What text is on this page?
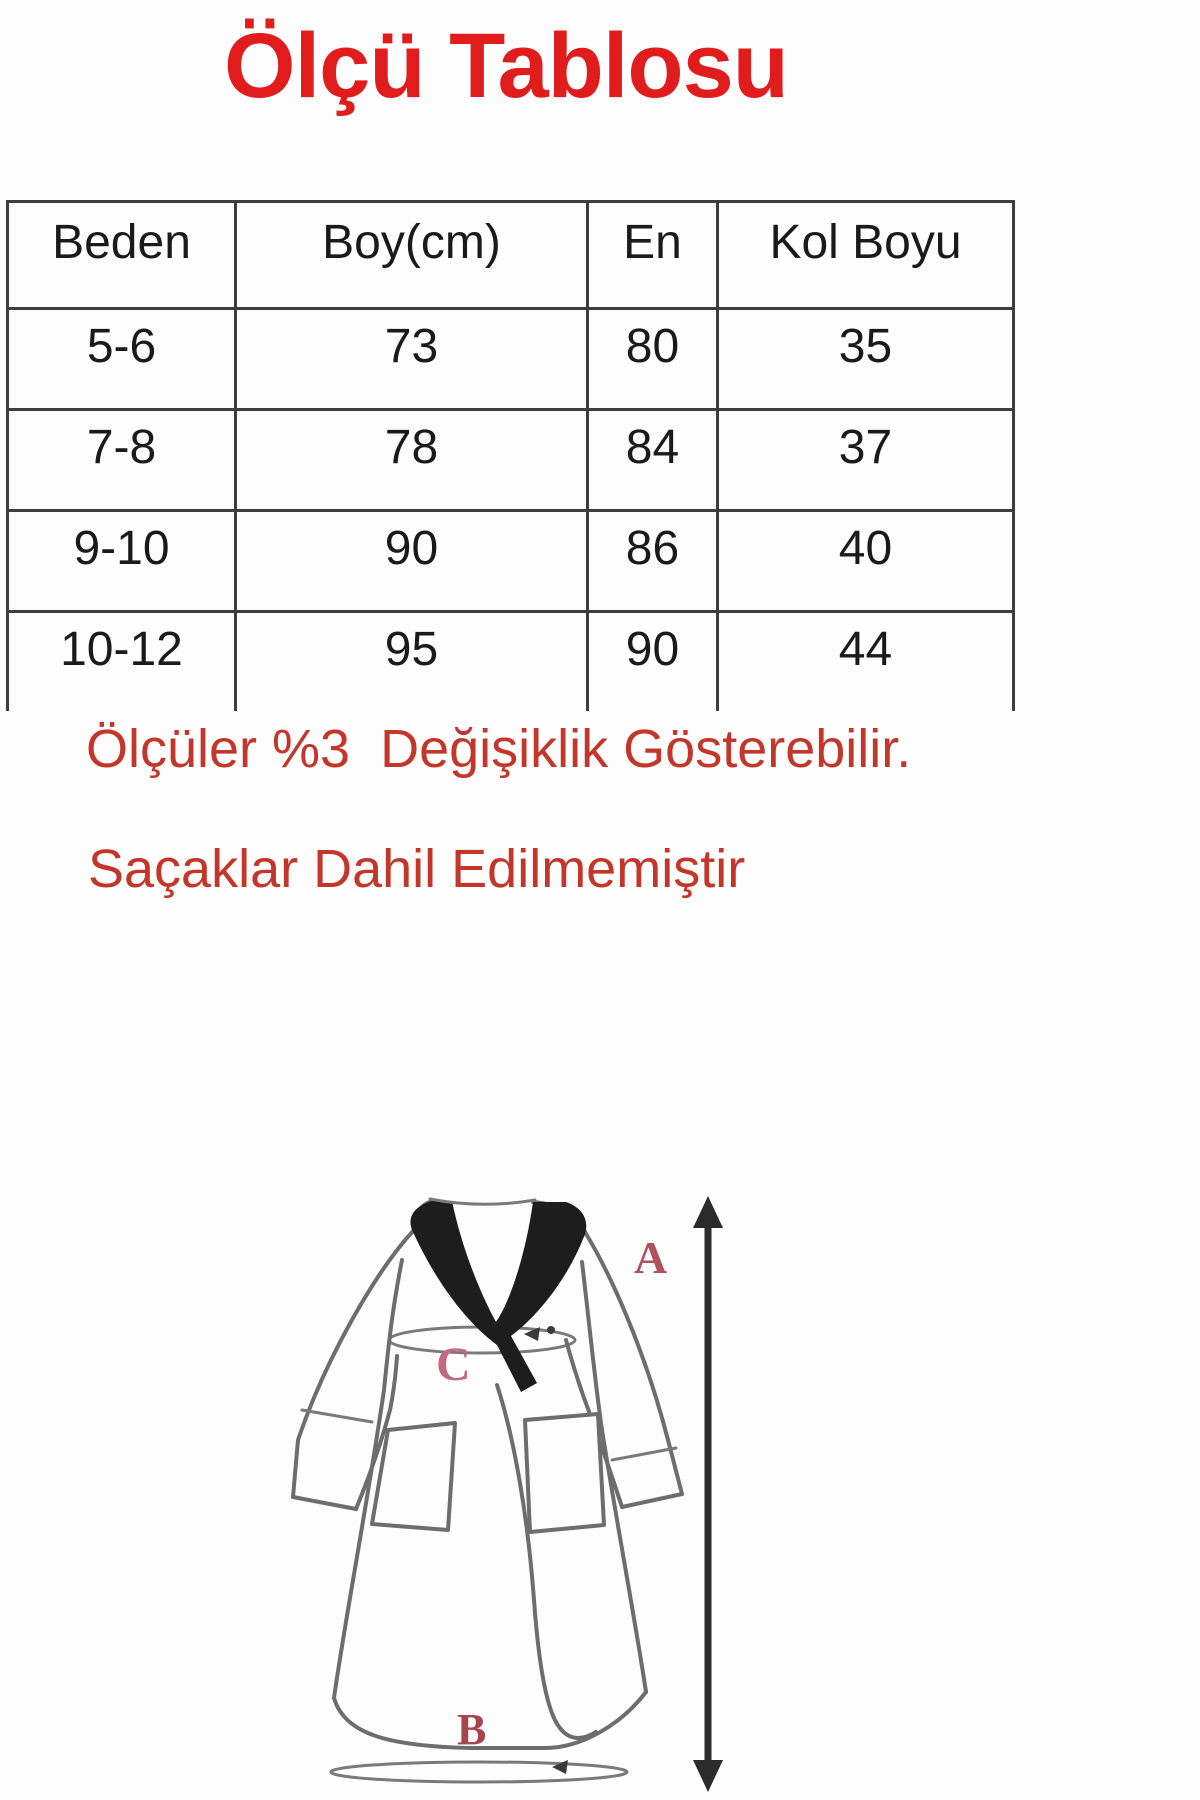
Ölçü Tablosu
Beden	Boy(cm)	En	Kol Boyu
5-6	73	80	35
7-8	78	84	37
9-10	90	86	40
10-12	95	90	44

Ölçüler %3  Değişiklik Gösterebilir.

Saçaklar Dahil Edilmemiştir

A
C
B
